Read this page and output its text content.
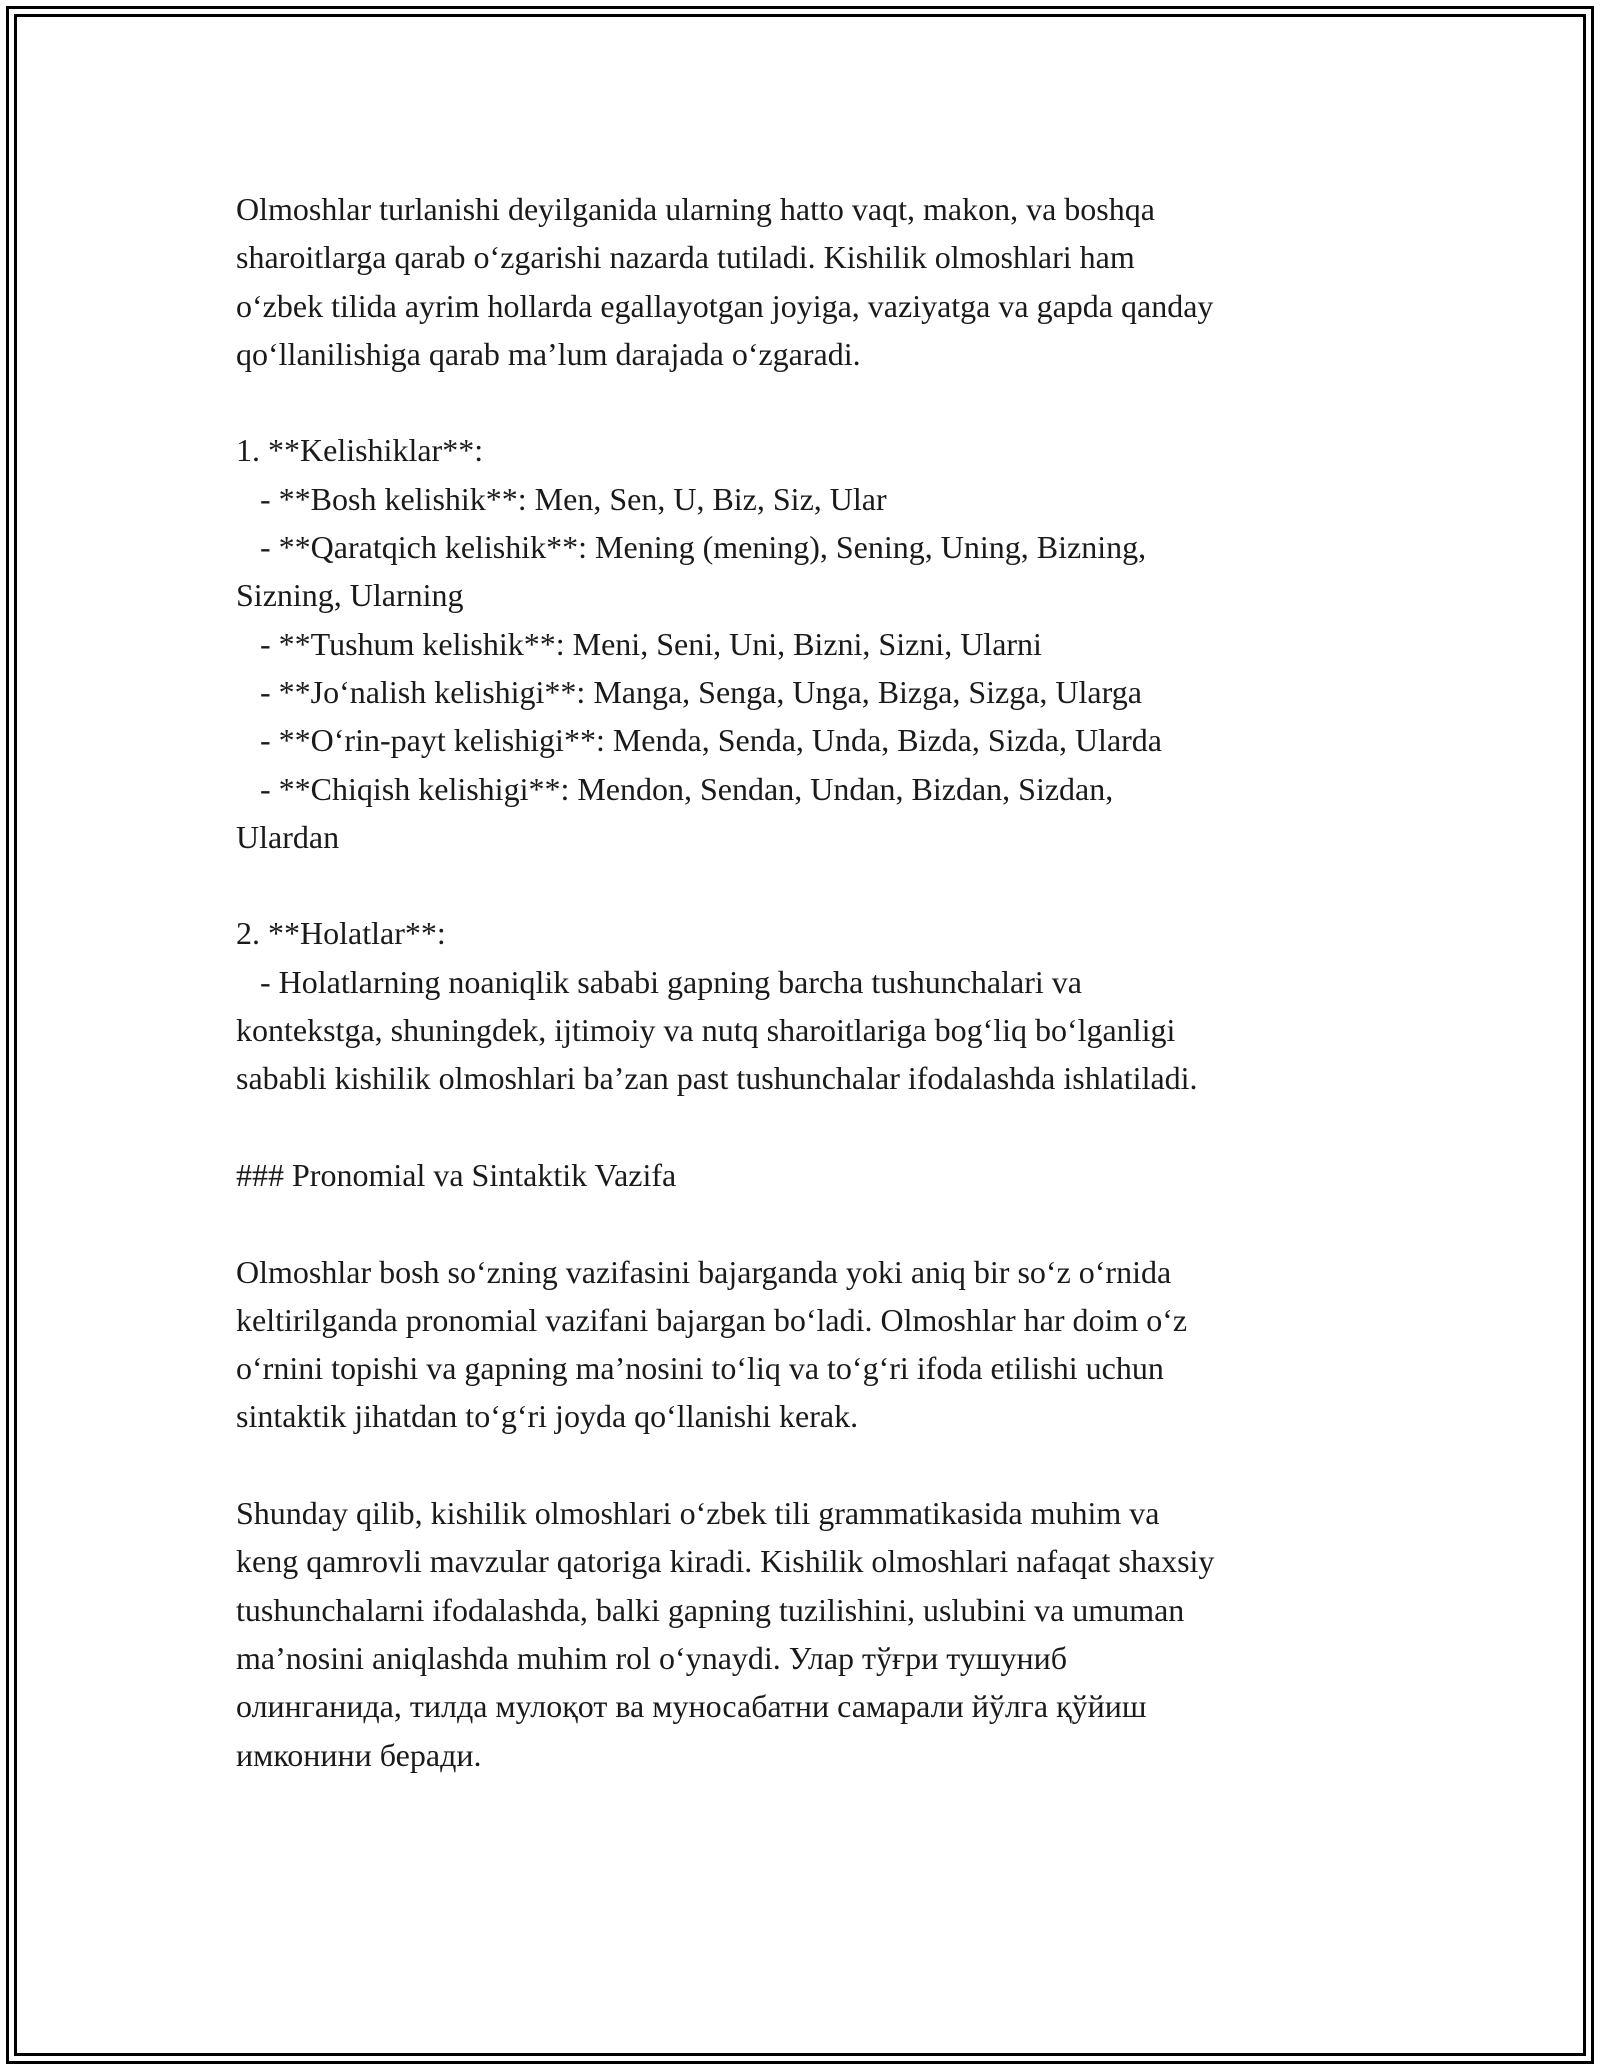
Olmoshlar turlanishi deyilganida ularning hatto vaqt, makon, va boshqa
sharoitlarga qarab o‘zgarishi nazarda tutiladi. Kishilik olmoshlari ham
o‘zbek tilida ayrim hollarda egallayotgan joyiga, vaziyatga va gapda qanday
qo‘llanilishiga qarab ma’lum darajada o‘zgaradi.
1. **Kelishiklar**:
- **Bosh kelishik**: Men, Sen, U, Biz, Siz, Ular
- **Qaratqich kelishik**: Mening (mening), Sening, Uning, Bizning,
Sizning, Ularning
- **Tushum kelishik**: Meni, Seni, Uni, Bizni, Sizni, Ularni
- **Jo‘nalish kelishigi**: Manga, Senga, Unga, Bizga, Sizga, Ularga
- **O‘rin-payt kelishigi**: Menda, Senda, Unda, Bizda, Sizda, Ularda
- **Chiqish kelishigi**: Mendon, Sendan, Undan, Bizdan, Sizdan,
Ulardan
2. **Holatlar**:
- Holatlarning noaniqlik sababi gapning barcha tushunchalari va
kontekstga, shuningdek, ijtimoiy va nutq sharoitlariga bog‘liq bo‘lganligi
sababli kishilik olmoshlari ba’zan past tushunchalar ifodalashda ishlatiladi.
### Pronomial va Sintaktik Vazifa
Olmoshlar bosh so‘zning vazifasini bajarganda yoki aniq bir so‘z o‘rnida
keltirilganda pronomial vazifani bajargan bo‘ladi. Olmoshlar har doim o‘z
o‘rnini topishi va gapning ma’nosini to‘liq va to‘g‘ri ifoda etilishi uchun
sintaktik jihatdan to‘g‘ri joyda qo‘llanishi kerak.
Shunday qilib, kishilik olmoshlari o‘zbek tili grammatikasida muhim va
keng qamrovli mavzular qatoriga kiradi. Kishilik olmoshlari nafaqat shaxsiy
tushunchalarni ifodalashda, balki gapning tuzilishini, uslubini va umuman
ma’nosini aniqlashda muhim rol o‘ynaydi. Улар тўғри тушуниб
олинганида, тилда мулоқот ва муносабатни самарали йўлга қўйиш
имконини беради.
